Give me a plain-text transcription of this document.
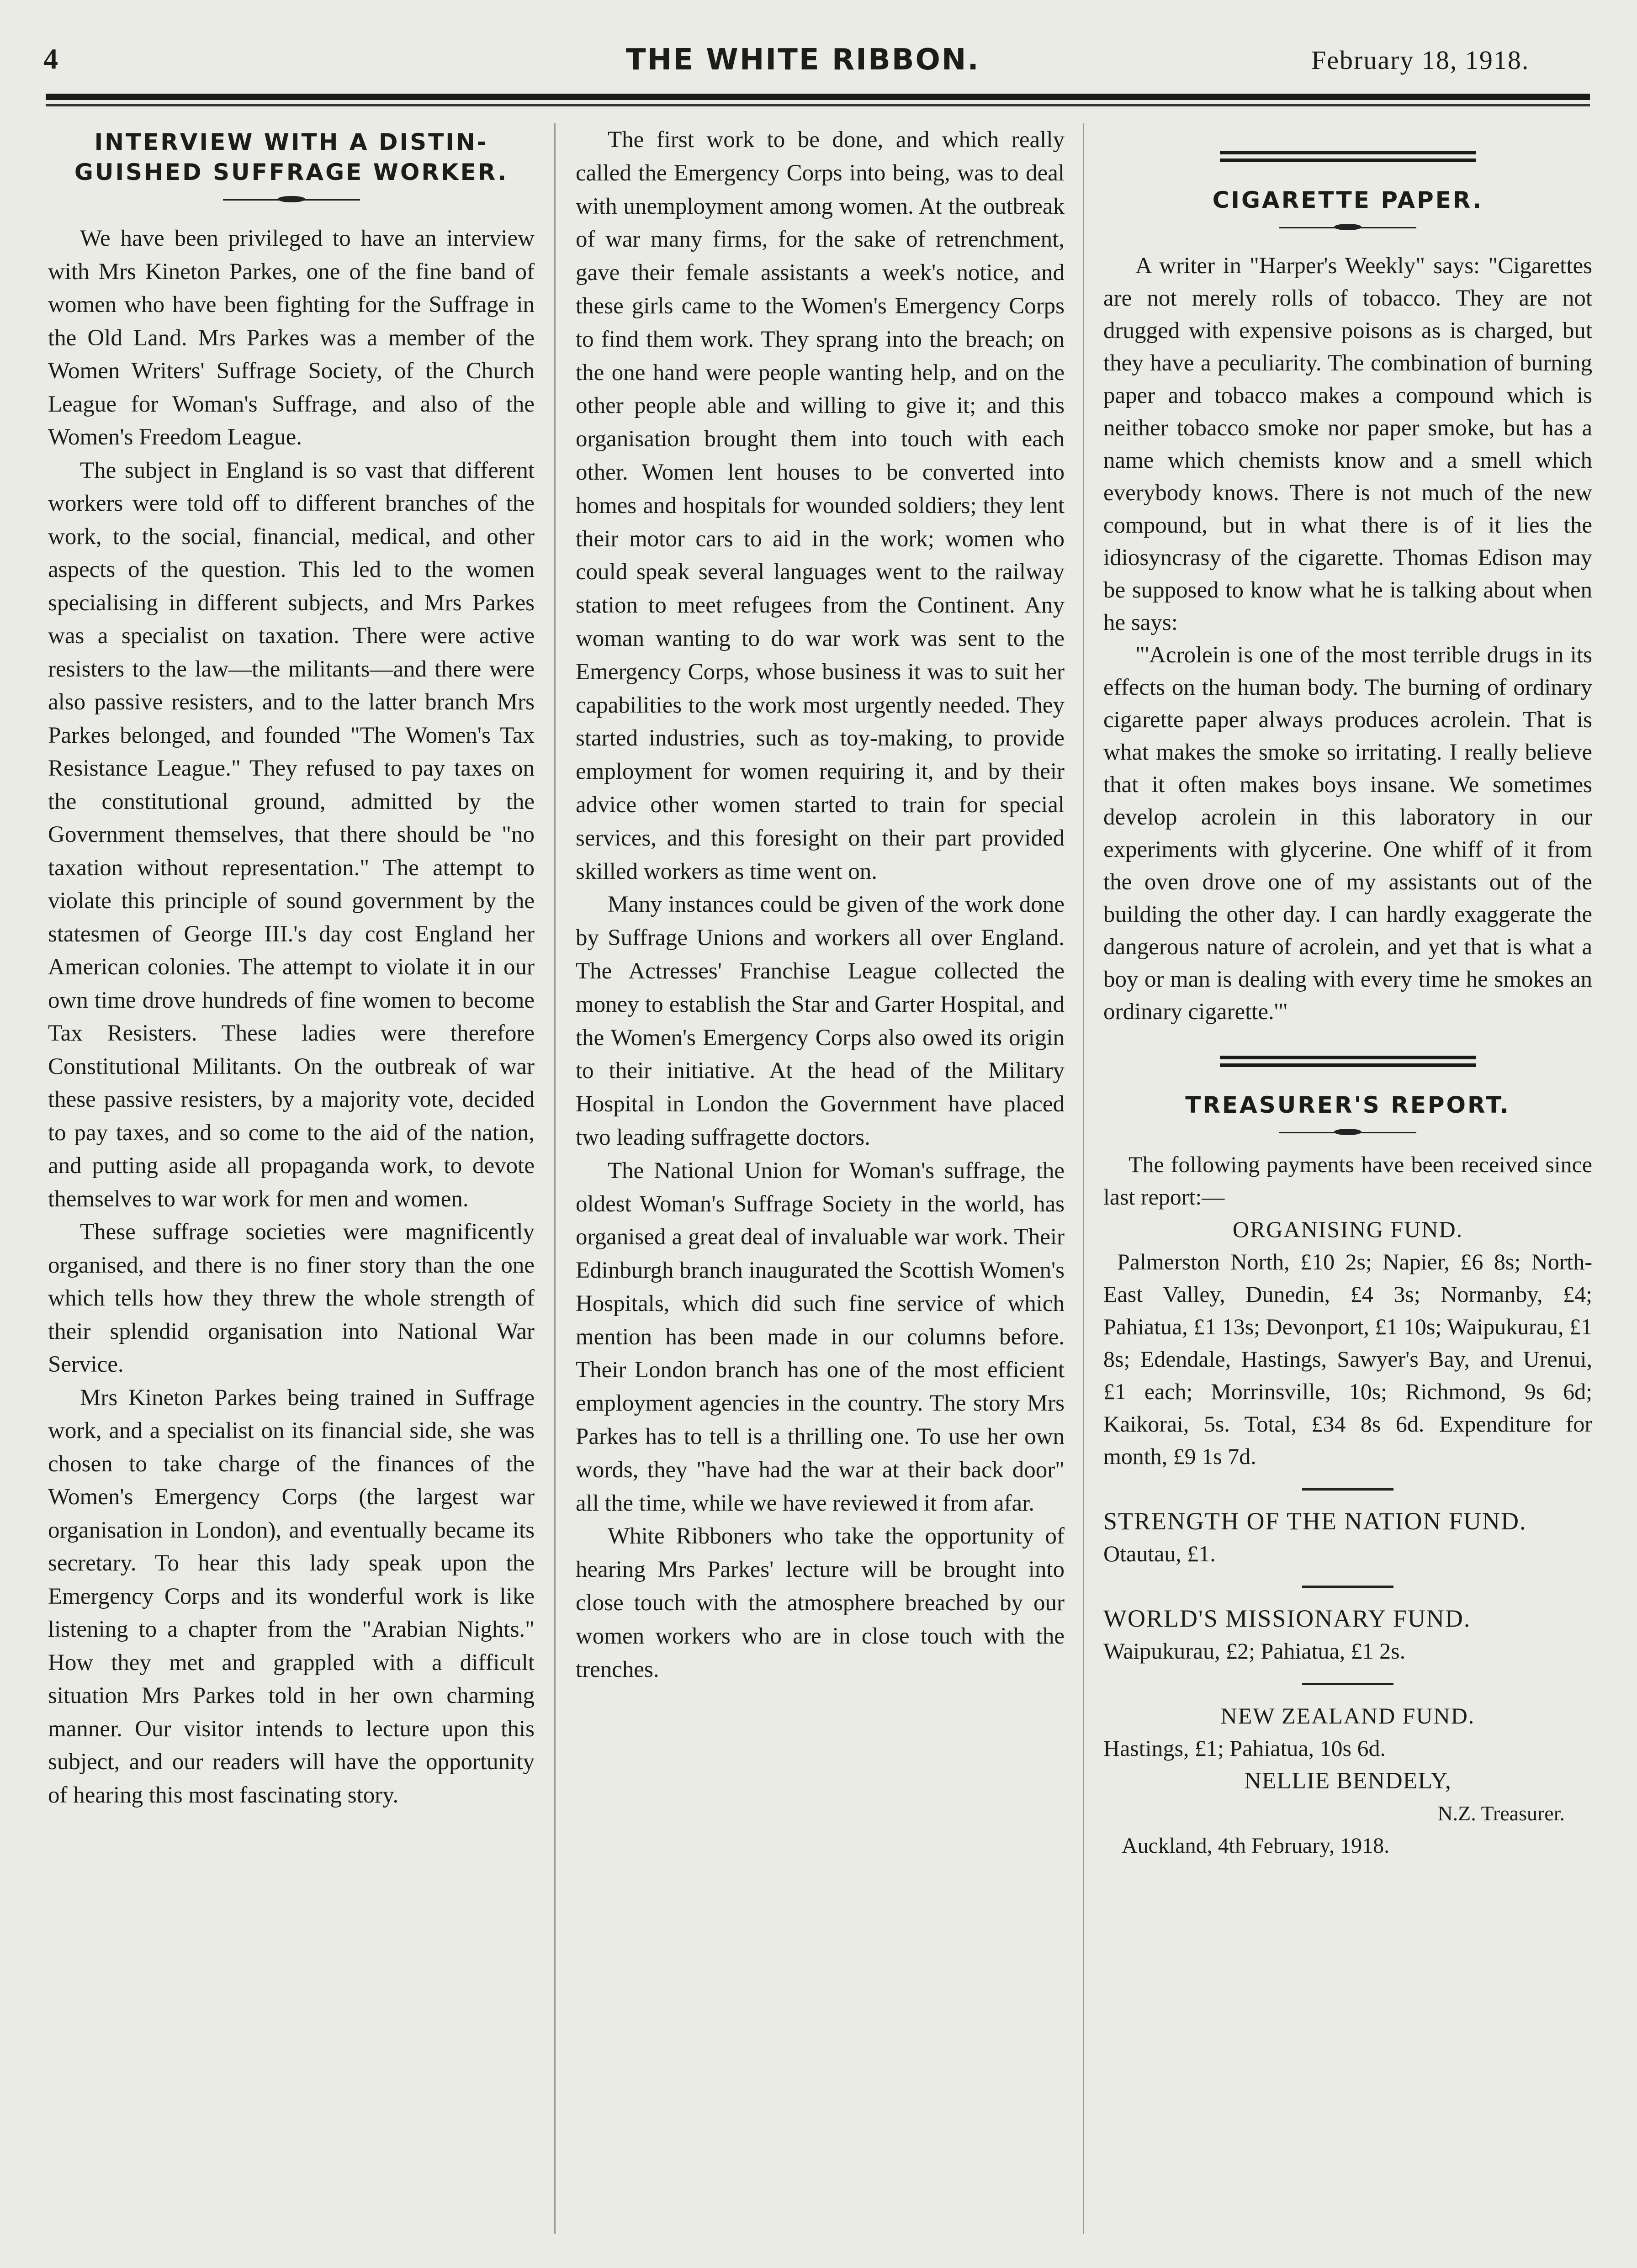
4	THE WHITE RIBBON.	February 18, 1918.
INTERVIEW WITH A DISTIN-
GUISHED SUFFRAGE WORKER.

We have been privileged to have an interview with Mrs Kineton Parkes, one of the fine band of women who have been fighting for the Suffrage in the Old Land. Mrs Parkes was a member of the Women Writers' Suffrage Society, of the Church League for Woman's Suffrage, and also of the Women's Freedom League.

The subject in England is so vast that different workers were told off to different branches of the work, to the social, financial, medical, and other aspects of the question. This led to the women specialising in different subjects, and Mrs Parkes was a specialist on taxation. There were active resisters to the law—the militants—and there were also passive resisters, and to the latter branch Mrs Parkes belonged, and founded "The Women's Tax Resistance League." They refused to pay taxes on the constitutional ground, admitted by the Government themselves, that there should be "no taxation without representation." The attempt to violate this principle of sound government by the statesmen of George III.'s day cost England her American colonies. The attempt to violate it in our own time drove hundreds of fine women to become Tax Resisters. These ladies were therefore Constitutional Militants. On the outbreak of war these passive resisters, by a majority vote, decided to pay taxes, and so come to the aid of the nation, and putting aside all propaganda work, to devote themselves to war work for men and women.

These suffrage societies were magnificently organised, and there is no finer story than the one which tells how they threw the whole strength of their splendid organisation into National War Service.

Mrs Kineton Parkes being trained in Suffrage work, and a specialist on its financial side, she was chosen to take charge of the finances of the Women's Emergency Corps (the largest war organisation in London), and eventually became its secretary. To hear this lady speak upon the Emergency Corps and its wonderful work is like listening to a chapter from the "Arabian Nights." How they met and grappled with a difficult situation Mrs Parkes told in her own charming manner. Our visitor intends to lecture upon this subject, and our readers will have the opportunity of hearing this most fascinating story.

The first work to be done, and which really called the Emergency Corps into being, was to deal with unemployment among women. At the outbreak of war many firms, for the sake of retrenchment, gave their female assistants a week's notice, and these girls came to the Women's Emergency Corps to find them work. They sprang into the breach; on the one hand were people wanting help, and on the other people able and willing to give it; and this organisation brought them into touch with each other. Women lent houses to be converted into homes and hospitals for wounded soldiers; they lent their motor cars to aid in the work; women who could speak several languages went to the railway station to meet refugees from the Continent. Any woman wanting to do war work was sent to the Emergency Corps, whose business it was to suit her capabilities to the work most urgently needed. They started industries, such as toy-making, to provide employment for women requiring it, and by their advice other women started to train for special services, and this foresight on their part provided skilled workers as time went on.

Many instances could be given of the work done by Suffrage Unions and workers all over England. The Actresses' Franchise League collected the money to establish the Star and Garter Hospital, and the Women's Emergency Corps also owed its origin to their initiative. At the head of the Military Hospital in London the Government have placed two leading suffragette doctors.

The National Union for Woman's suffrage, the oldest Woman's Suffrage Society in the world, has organised a great deal of invaluable war work. Their Edinburgh branch inaugurated the Scottish Women's Hospitals, which did such fine service of which mention has been made in our columns before. Their London branch has one of the most efficient employment agencies in the country. The story Mrs Parkes has to tell is a thrilling one. To use her own words, they "have had the war at their back door" all the time, while we have reviewed it from afar.

White Ribboners who take the opportunity of hearing Mrs Parkes' lecture will be brought into close touch with the atmosphere breached by our women workers who are in close touch with the trenches.

CIGARETTE PAPER.

A writer in "Harper's Weekly" says: "Cigarettes are not merely rolls of tobacco. They are not drugged with expensive poisons as is charged, but they have a peculiarity. The combination of burning paper and tobacco makes a compound which is neither tobacco smoke nor paper smoke, but has a name which chemists know and a smell which everybody knows. There is not much of the new compound, but in what there is of it lies the idiosyncrasy of the cigarette. Thomas Edison may be supposed to know what he is talking about when he says:

"'Acrolein is one of the most terrible drugs in its effects on the human body. The burning of ordinary cigarette paper always produces acrolein. That is what makes the smoke so irritating. I really believe that it often makes boys insane. We sometimes develop acrolein in this laboratory in our experiments with glycerine. One whiff of it from the oven drove one of my assistants out of the building the other day. I can hardly exaggerate the dangerous nature of acrolein, and yet that is what a boy or man is dealing with every time he smokes an ordinary cigarette.'"

TREASURER'S REPORT.

The following payments have been received since last report:—

ORGANISING FUND.

Palmerston North, £10 2s; Napier, £6 8s; North-East Valley, Dunedin, £4 3s; Normanby, £4; Pahiatua, £1 13s; Devonport, £1 10s; Waipukurau, £1 8s; Edendale, Hastings, Sawyer's Bay, and Urenui, £1 each; Morrinsville, 10s; Richmond, 9s 6d; Kaikorai, 5s. Total, £34 8s 6d. Expenditure for month, £9 1s 7d.

STRENGTH OF THE NATION FUND.

Otautau, £1.

WORLD'S MISSIONARY FUND.

Waipukurau, £2; Pahiatua, £1 2s.

NEW ZEALAND FUND.

Hastings, £1; Pahiatua, 10s 6d.

NELLIE BENDELY,

N.Z. Treasurer.

Auckland, 4th February, 1918.
